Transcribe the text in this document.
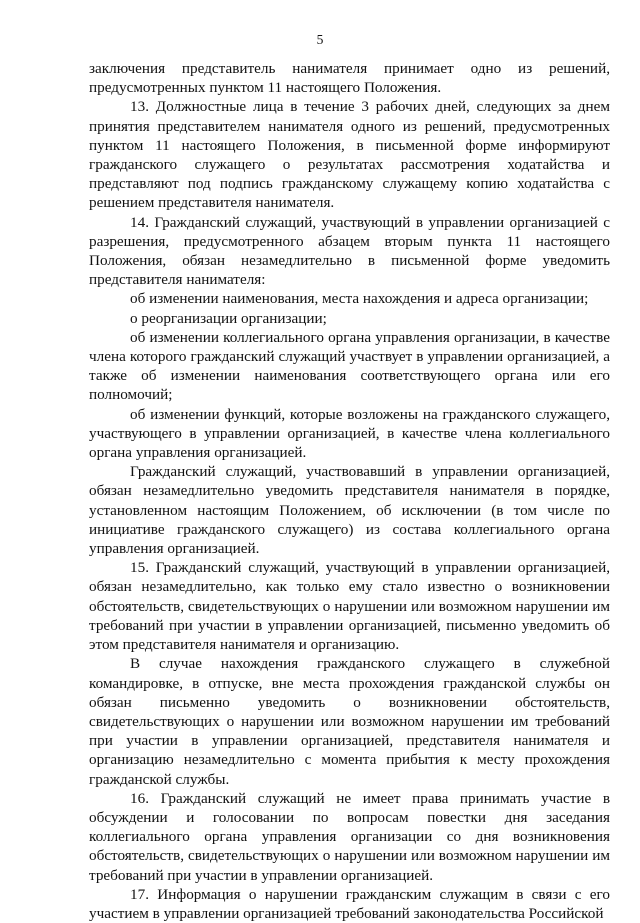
5

заключения представитель нанимателя принимает одно из решений, предусмотренных пунктом 11 настоящего Положения.

13. Должностные лица в течение 3 рабочих дней, следующих за днем принятия представителем нанимателя одного из решений, предусмотренных пунктом 11 настоящего Положения, в письменной форме информируют гражданского служащего о результатах рассмотрения ходатайства и представляют под подпись гражданскому служащему копию ходатайства с решением представителя нанимателя.

14. Гражданский служащий, участвующий в управлении организацией с разрешения, предусмотренного абзацем вторым пункта 11 настоящего Положения, обязан незамедлительно в письменной форме уведомить представителя нанимателя:

об изменении наименования, места нахождения и адреса организации;

о реорганизации организации;

об изменении коллегиального органа управления организации, в качестве члена которого гражданский служащий участвует в управлении организацией, а также об изменении наименования соответствующего органа или его полномочий;

об изменении функций, которые возложены на гражданского служащего, участвующего в управлении организацией, в качестве члена коллегиального органа управления организацией.

Гражданский служащий, участвовавший в управлении организацией, обязан незамедлительно уведомить представителя нанимателя в порядке, установленном настоящим Положением, об исключении (в том числе по инициативе гражданского служащего) из состава коллегиального органа управления организацией.

15. Гражданский служащий, участвующий в управлении организацией, обязан незамедлительно, как только ему стало известно о возникновении обстоятельств, свидетельствующих о нарушении или возможном нарушении им требований при участии в управлении организацией, письменно уведомить об этом представителя нанимателя и организацию.

В случае нахождения гражданского служащего в служебной командировке, в отпуске, вне места прохождения гражданской службы он обязан письменно уведомить о возникновении обстоятельств, свидетельствующих о нарушении или возможном нарушении им требований при участии в управлении организацией, представителя нанимателя и организацию незамедлительно с момента прибытия к месту прохождения гражданской службы.

16. Гражданский служащий не имеет права принимать участие в обсуждении и голосовании по вопросам повестки дня заседания коллегиального органа управления организации со дня возникновения обстоятельств, свидетельствующих о нарушении или возможном нарушении им требований при участии в управлении организацией.

17. Информация о нарушении гражданским служащим в связи с его участием в управлении организацией требований законодательства Российской
